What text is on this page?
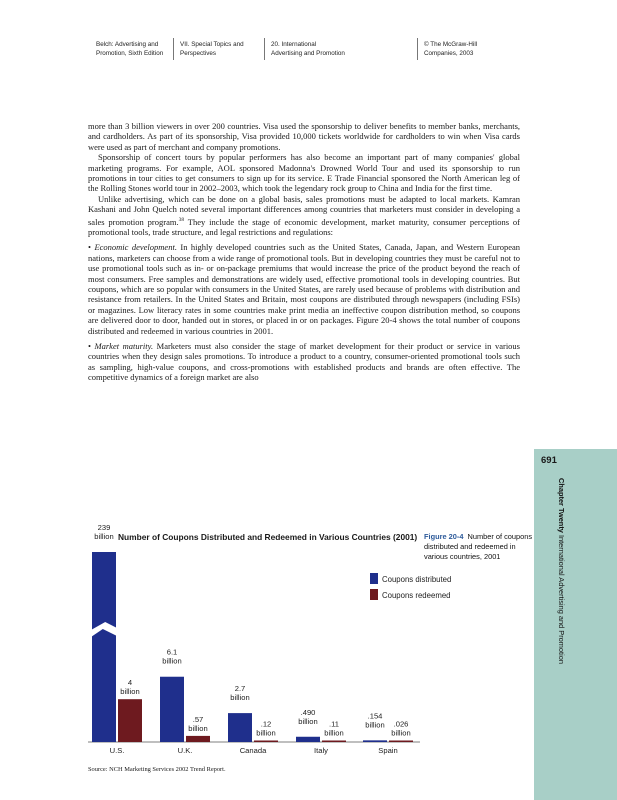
Belch: Advertising and
Promotion, Sixth Edition
VII. Special Topics and
Perspectives
20. International
Advertising and Promotion
© The McGraw-Hill
Companies, 2003

more than 3 billion viewers in over 200 countries. Visa used the sponsorship to deliver benefits to member banks, merchants, and cardholders. As part of its sponsorship, Visa provided 10,000 tickets worldwide for cardholders to win when Visa cards were used as part of merchant and company promotions.

Sponsorship of concert tours by popular performers has also become an important part of many companies' global marketing programs. For example, AOL sponsored Madonna's Drowned World Tour and used its sponsorship to run promotions in tour cities to get consumers to sign up for its service. E Trade Financial sponsored the North American leg of the Rolling Stones world tour in 2002–2003, which took the legendary rock group to China and India for the first time.

Unlike advertising, which can be done on a global basis, sales promotions must be adapted to local markets. Kamran Kashani and John Quelch noted several important differences among countries that marketers must consider in developing a sales promotion program.$^{38}$ They include the stage of economic development, market maturity, consumer perceptions of promotional tools, trade structure, and legal restrictions and regulations:

• Economic development. In highly developed countries such as the United States, Canada, Japan, and Western European nations, marketers can choose from a wide range of promotional tools. But in developing countries they must be careful not to use promotional tools such as in- or on-package premiums that would increase the price of the product beyond the reach of most consumers. Free samples and demonstrations are widely used, effective promotional tools in developing countries. But coupons, which are so popular with consumers in the United States, are rarely used because of problems with distribution and resistance from retailers. In the United States and Britain, most coupons are distributed through newspapers (including FSIs) or magazines. Low literacy rates in some countries make print media an ineffective coupon distribution method, so coupons are delivered door to door, handed out in stores, or placed in or on packages. Figure 20-4 shows the total number of coupons distributed and redeemed in various countries in 2001.

• Market maturity. Marketers must also consider the stage of market development for their product or service in various countries when they design sales promotions. To introduce a product to a country, consumer-oriented promotional tools such as sampling, high-value coupons, and cross-promotions with established products and brands are often effective. The competitive dynamics of a foreign market are also

691
Chapter Twenty International Advertising and Promotion
Figure 20-4 Number of coupons distributed and redeemed in various countries, 2001
Number of Coupons Distributed and Redeemed in Various Countries (2001)
239 billion
4 billion
U.S.
6.1 billion
.57 billion
U.K.
2.7 billion
.12 billion
Canada
.490 billion	.11 billion
Italy
.154 billion	.026 billion
Spain
Coupons distributed
Coupons redeemed
Source: NCH Marketing Services 2002 Trend Report.
